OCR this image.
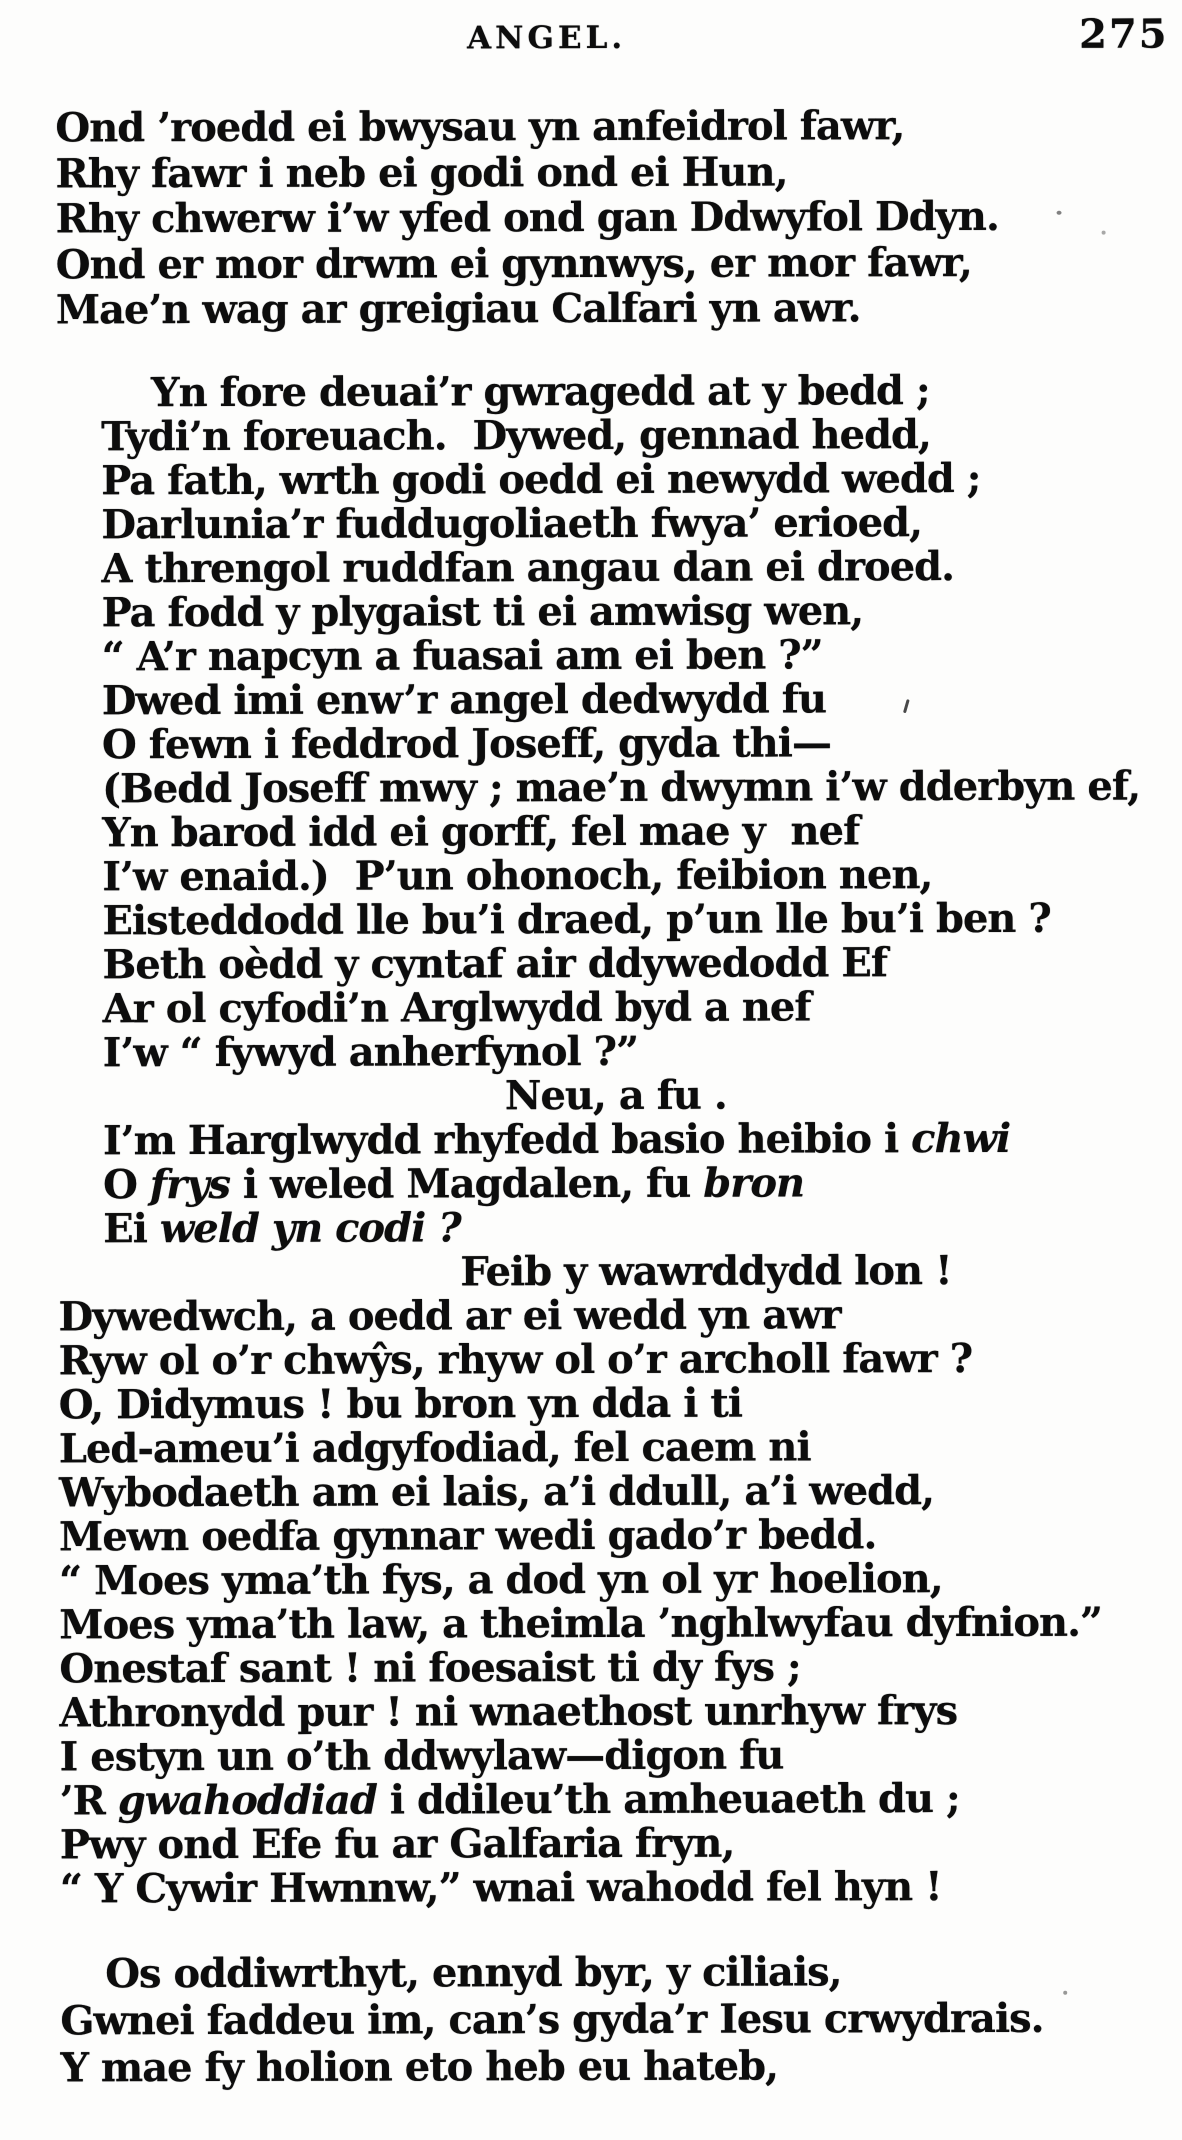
ANGEL.	275
Ond ’roedd ei bwysau yn anfeidrol fawr,
Rhy fawr i neb ei godi ond ei Hun,
Rhy chwerw i’w yfed ond gan Ddwyfol Ddyn.
Ond er mor drwm ei gynnwys, er mor fawr,
Mae’n wag ar greigiau Calfari yn awr.
Yn fore deuai’r gwragedd at y bedd ;
Tydi’n foreuach.  Dywed, gennad hedd,
Pa fath, wrth godi oedd ei newydd wedd ;
Darlunia’r fuddugoliaeth fwya’ erioed,
A threngol ruddfan angau dan ei droed.
Pa fodd y plygaist ti ei amwisg wen,
“ A’r napcyn a fuasai am ei ben ?”
Dwed imi enw’r angel dedwydd fu
O fewn i feddrod Joseff, gyda thi—
(Bedd Joseff mwy ; mae’n dwymn i’w dderbyn ef,
Yn barod idd ei gorff, fel mae y  nef
I’w enaid.)  P’un ohonoch, feibion nen,
Eisteddodd lle bu’i draed, p’un lle bu’i ben ?
Beth oèdd y cyntaf air ddywedodd Ef
Ar ol cyfodi’n Arglwydd byd a nef
I’w “ fywyd anherfynol ?”
Neu, a fu .
I’m Harglwydd rhyfedd basio heibio i chwi
O frys i weled Magdalen, fu bron
Ei weld yn codi ?
Feib y wawrddydd lon !
Dywedwch, a oedd ar ei wedd yn awr
Ryw ol o’r chwŷs, rhyw ol o’r archoll fawr ?
O, Didymus ! bu bron yn dda i ti
Led-ameu’i adgyfodiad, fel caem ni
Wybodaeth am ei lais, a’i ddull, a’i wedd,
Mewn oedfa gynnar wedi gado’r bedd.
“ Moes yma’th fys, a dod yn ol yr hoelion,
Moes yma’th law, a theimla ’nghlwyfau dyfnion.”
Onestaf sant ! ni foesaist ti dy fys ;
Athronydd pur ! ni wnaethost unrhyw frys
I estyn un o’th ddwylaw—digon fu
’R gwahoddiad i ddileu’th amheuaeth du ;
Pwy ond Efe fu ar Galfaria fryn,
“ Y Cywir Hwnnw,” wnai wahodd fel hyn !
Os oddiwrthyt, ennyd byr, y ciliais,
Gwnei faddeu im, can’s gyda’r Iesu crwydrais.
Y mae fy holion eto heb eu hateb,
